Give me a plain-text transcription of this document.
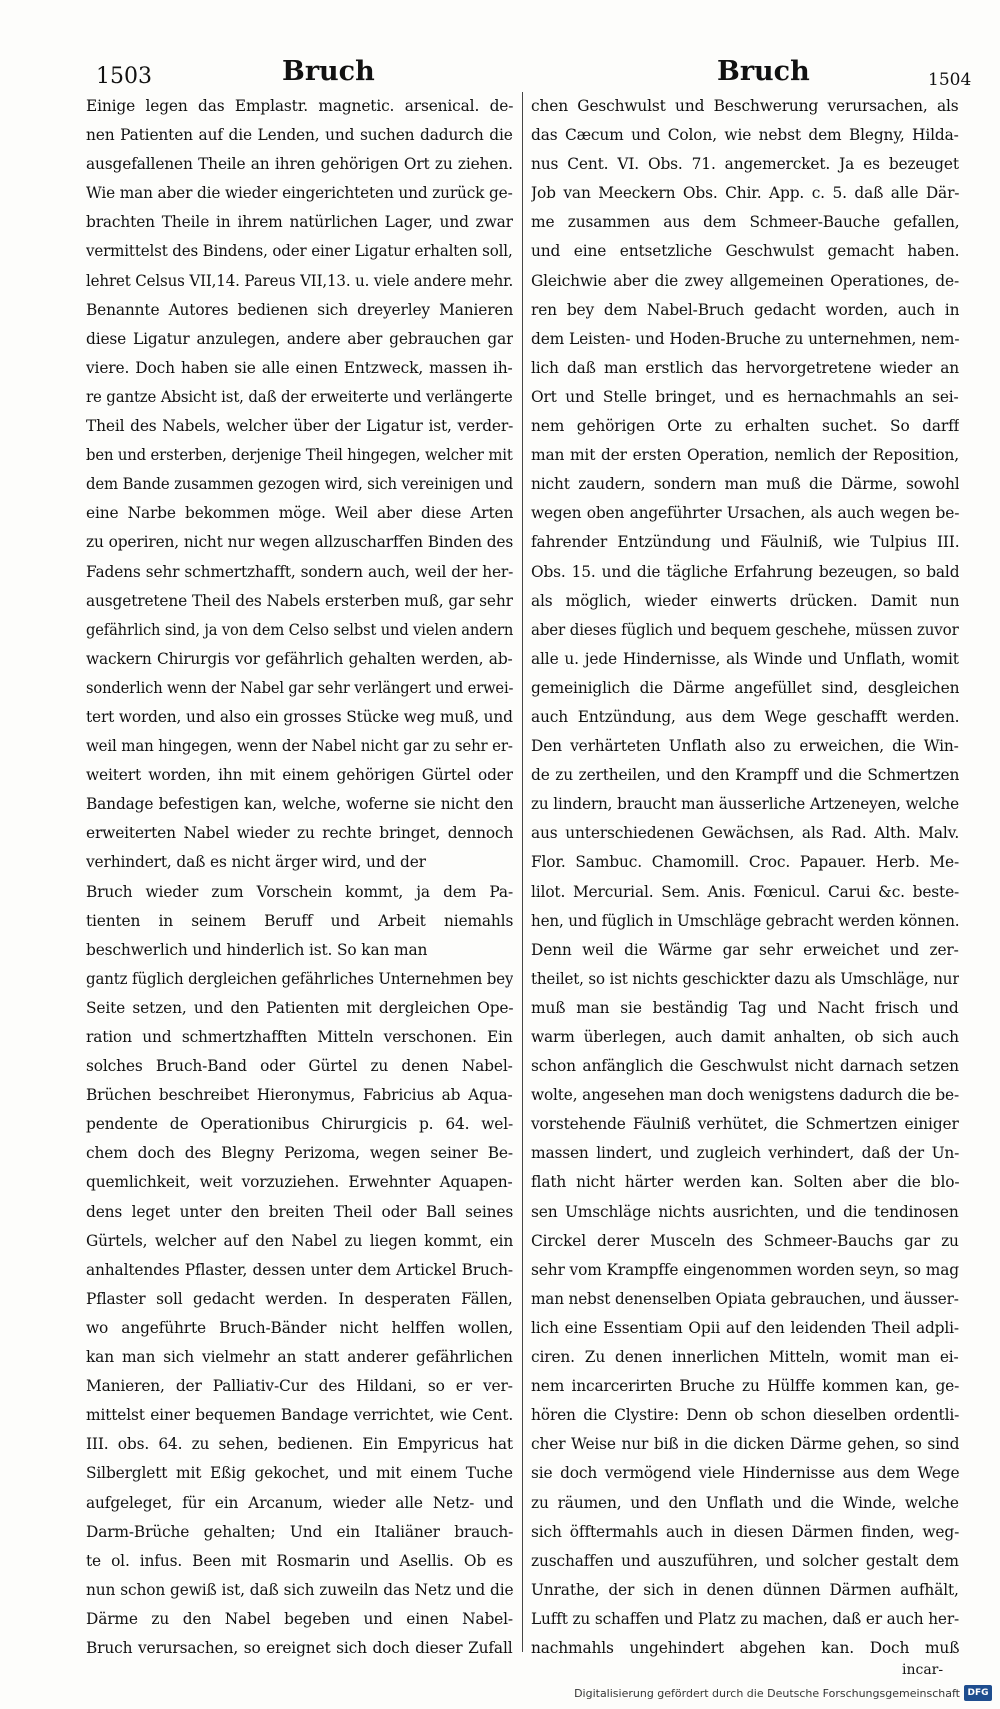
1503	Bruch	Bruch	1504
Einige legen das Emplastr. magnetic. arsenical. de-
nen Patienten auf die Lenden, und suchen dadurch die
ausgefallenen Theile an ihren gehörigen Ort zu ziehen.
Wie man aber die wieder eingerichteten und zurück ge-
brachten Theile in ihrem natürlichen Lager, und zwar
vermittelst des Bindens, oder einer Ligatur erhalten soll,
lehret Celsus VII,14. Pareus VII,13. u. viele andere mehr.
Benannte Autores bedienen sich dreyerley Manieren
diese Ligatur anzulegen, andere aber gebrauchen gar
viere. Doch haben sie alle einen Entzweck, massen ih-
re gantze Absicht ist, daß der erweiterte und verlängerte
Theil des Nabels, welcher über der Ligatur ist, verder-
ben und ersterben, derjenige Theil hingegen, welcher mit
dem Bande zusammen gezogen wird, sich vereinigen und
eine Narbe bekommen möge. Weil aber diese Arten
zu operiren, nicht nur wegen allzuscharffen Binden des
Fadens sehr schmertzhafft, sondern auch, weil der her-
ausgetretene Theil des Nabels ersterben muß, gar sehr
gefährlich sind, ja von dem Celso selbst und vielen andern
wackern Chirurgis vor gefährlich gehalten werden, ab-
sonderlich wenn der Nabel gar sehr verlängert und erwei-
tert worden, und also ein grosses Stücke weg muß, und
weil man hingegen, wenn der Nabel nicht gar zu sehr er-
weitert worden, ihn mit einem gehörigen Gürtel oder
Bandage befestigen kan, welche, woferne sie nicht den
erweiterten Nabel wieder zu rechte bringet, dennoch
verhindert, daß es nicht ärger wird, und der
Bruch wieder zum Vorschein kommt, ja dem Pa-
tienten in seinem Beruff und Arbeit niemahls
beschwerlich und hinderlich ist. So kan man
gantz füglich dergleichen gefährliches Unternehmen bey
Seite setzen, und den Patienten mit dergleichen Ope-
ration und schmertzhafften Mitteln verschonen. Ein
solches Bruch-Band oder Gürtel zu denen Nabel-
Brüchen beschreibet Hieronymus, Fabricius ab Aqua-
pendente de Operationibus Chirurgicis p. 64. wel-
chem doch des Blegny Perizoma, wegen seiner Be-
quemlichkeit, weit vorzuziehen. Erwehnter Aquapen-
dens leget unter den breiten Theil oder Ball seines
Gürtels, welcher auf den Nabel zu liegen kommt, ein
anhaltendes Pflaster, dessen unter dem Artickel Bruch-
Pflaster soll gedacht werden. In desperaten Fällen,
wo angeführte Bruch-Bänder nicht helffen wollen,
kan man sich vielmehr an statt anderer gefährlichen
Manieren, der Palliativ-Cur des Hildani, so er ver-
mittelst einer bequemen Bandage verrichtet, wie Cent.
III. obs. 64. zu sehen, bedienen. Ein Empyricus hat
Silberglett mit Eßig gekochet, und mit einem Tuche
aufgeleget, für ein Arcanum, wieder alle Netz- und
Darm-Brüche gehalten; Und ein Italiäner brauch-
te ol. infus. Been mit Rosmarin und Asellis. Ob es
nun schon gewiß ist, daß sich zuweiln das Netz und die
Därme zu den Nabel begeben und einen Nabel-
Bruch verursachen, so ereignet sich doch dieser Zufall
chen Geschwulst und Beschwerung verursachen, als
das Cæcum und Colon, wie nebst dem Blegny, Hilda-
nus Cent. VI. Obs. 71. angemercket. Ja es bezeuget
Job van Meeckern Obs. Chir. App. c. 5. daß alle Där-
me zusammen aus dem Schmeer-Bauche gefallen,
und eine entsetzliche Geschwulst gemacht haben.
Gleichwie aber die zwey allgemeinen Operationes, de-
ren bey dem Nabel-Bruch gedacht worden, auch in
dem Leisten- und Hoden-Bruche zu unternehmen, nem-
lich daß man erstlich das hervorgetretene wieder an
Ort und Stelle bringet, und es hernachmahls an sei-
nem gehörigen Orte zu erhalten suchet. So darff
man mit der ersten Operation, nemlich der Reposition,
nicht zaudern, sondern man muß die Därme, sowohl
wegen oben angeführter Ursachen, als auch wegen be-
fahrender Entzündung und Fäulniß, wie Tulpius III.
Obs. 15. und die tägliche Erfahrung bezeugen, so bald
als möglich, wieder einwerts drücken. Damit nun
aber dieses füglich und bequem geschehe, müssen zuvor
alle u. jede Hindernisse, als Winde und Unflath, womit
gemeiniglich die Därme angefüllet sind, desgleichen
auch Entzündung, aus dem Wege geschafft werden.
Den verhärteten Unflath also zu erweichen, die Win-
de zu zertheilen, und den Krampff und die Schmertzen
zu lindern, braucht man äusserliche Artzeneyen, welche
aus unterschiedenen Gewächsen, als Rad. Alth. Malv.
Flor. Sambuc. Chamomill. Croc. Papauer. Herb. Me-
lilot. Mercurial. Sem. Anis. Fœnicul. Carui &c. beste-
hen, und füglich in Umschläge gebracht werden können.
Denn weil die Wärme gar sehr erweichet und zer-
theilet, so ist nichts geschickter dazu als Umschläge, nur
muß man sie beständig Tag und Nacht frisch und
warm überlegen, auch damit anhalten, ob sich auch
schon anfänglich die Geschwulst nicht darnach setzen
wolte, angesehen man doch wenigstens dadurch die be-
vorstehende Fäulniß verhütet, die Schmertzen einiger
massen lindert, und zugleich verhindert, daß der Un-
flath nicht härter werden kan. Solten aber die blo-
sen Umschläge nichts ausrichten, und die tendinosen
Circkel derer Musceln des Schmeer-Bauchs gar zu
sehr vom Krampffe eingenommen worden seyn, so mag
man nebst denenselben Opiata gebrauchen, und äusser-
lich eine Essentiam Opii auf den leidenden Theil adpli-
ciren. Zu denen innerlichen Mitteln, womit man ei-
nem incarcerirten Bruche zu Hülffe kommen kan, ge-
hören die Clystire: Denn ob schon dieselben ordentli-
cher Weise nur biß in die dicken Därme gehen, so sind
sie doch vermögend viele Hindernisse aus dem Wege
zu räumen, und den Unflath und die Winde, welche
sich öfftermahls auch in diesen Därmen finden, weg-
zuschaffen und auszuführen, und solcher gestalt dem
Unrathe, der sich in denen dünnen Därmen aufhält,
Lufft zu schaffen und Platz zu machen, daß er auch her-
nachmahls ungehindert abgehen kan. Doch muß
incar-
Digitalisierung gefördert durch die Deutsche Forschungsgemeinschaft DFG
